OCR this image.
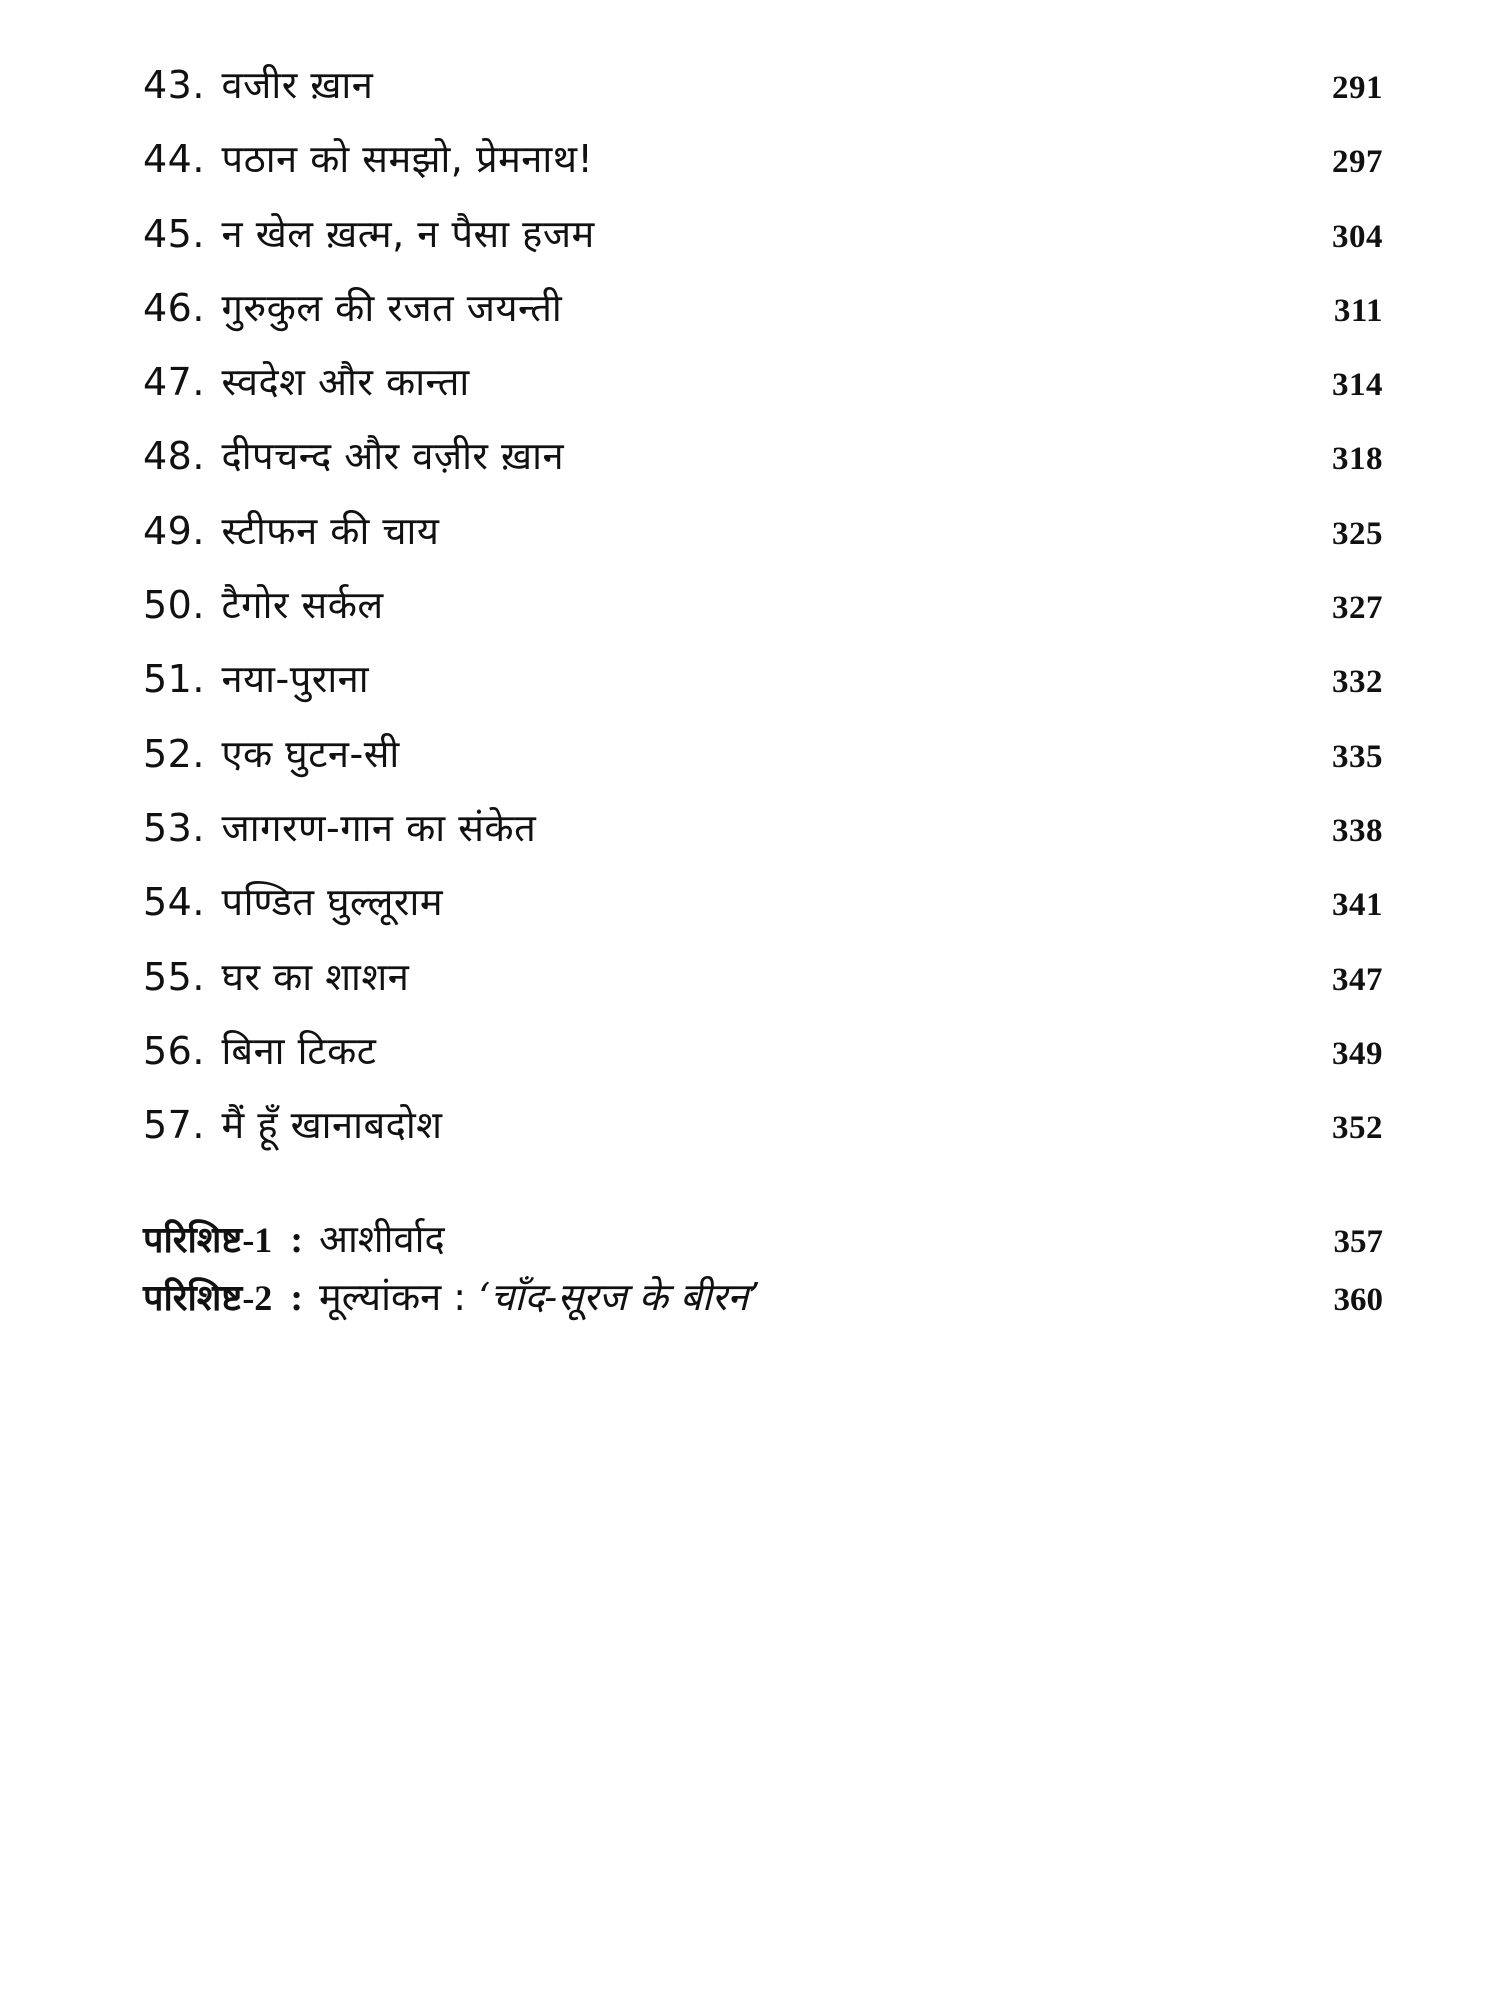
43. वजीर ख़ान	291
44. पठान को समझो, प्रेमनाथ!	297
45. न खेल ख़त्म, न पैसा हजम	304
46. गुरुकुल की रजत जयन्ती	311
47. स्वदेश और कान्ता	314
48. दीपचन्द और वज़ीर ख़ान	318
49. स्टीफन की चाय	325
50. टैगोर सर्कल	327
51. नया-पुराना	332
52. एक घुटन-सी	335
53. जागरण-गान का संकेत	338
54. पण्डित घुल्लूराम	341
55. घर का शाशन	347
56. बिना टिकट	349
57. मैं हूँ खानाबदोश	352
परिशिष्ट-1 : आशीर्वाद	357
परिशिष्ट-2 : मूल्यांकन : ‘चाँद-सूरज के बीरन’	360
